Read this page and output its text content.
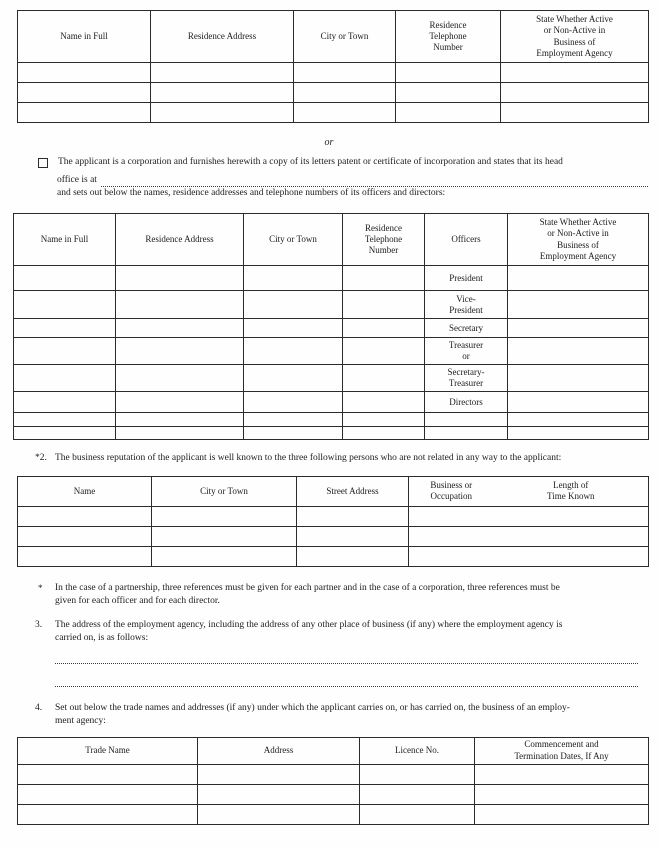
Name in Full	Residence Address	City or Town	Residence
Telephone
Number	State Whether Active
or Non-Active in
Business of
Employment Agency

or
The applicant is a corporation and furnishes herewith a copy of its letters patent or certificate of incorporation and states that its head
office is at
and sets out below the names, residence addresses and telephone numbers of its officers and directors:
Name in Full	Residence Address	City or Town	Residence
Telephone
Number	Officers	State Whether Active
or Non-Active in
Business of
Employment Agency
				President	
				Vice-
President	
				Secretary	
				Treasurer
or	
				Secretary-
Treasurer	
				Directors	

*2. The business reputation of the applicant is well known to the three following persons who are not related in any way to the applicant:
Name	City or Town	Street Address	Business or
Occupation	Length of
Time Known

*	In the case of a partnership, three references must be given for each partner and in the case of a corporation, three references must be
given for each officer and for each director.
3.	The address of the employment agency, including the address of any other place of business (if any) where the employment agency is
carried on, is as follows:
4.	Set out below the trade names and addresses (if any) under which the applicant carries on, or has carried on, the business of an employ-
ment agency:
Trade Name	Address	Licence No.	Commencement and
Termination Dates, If Any
